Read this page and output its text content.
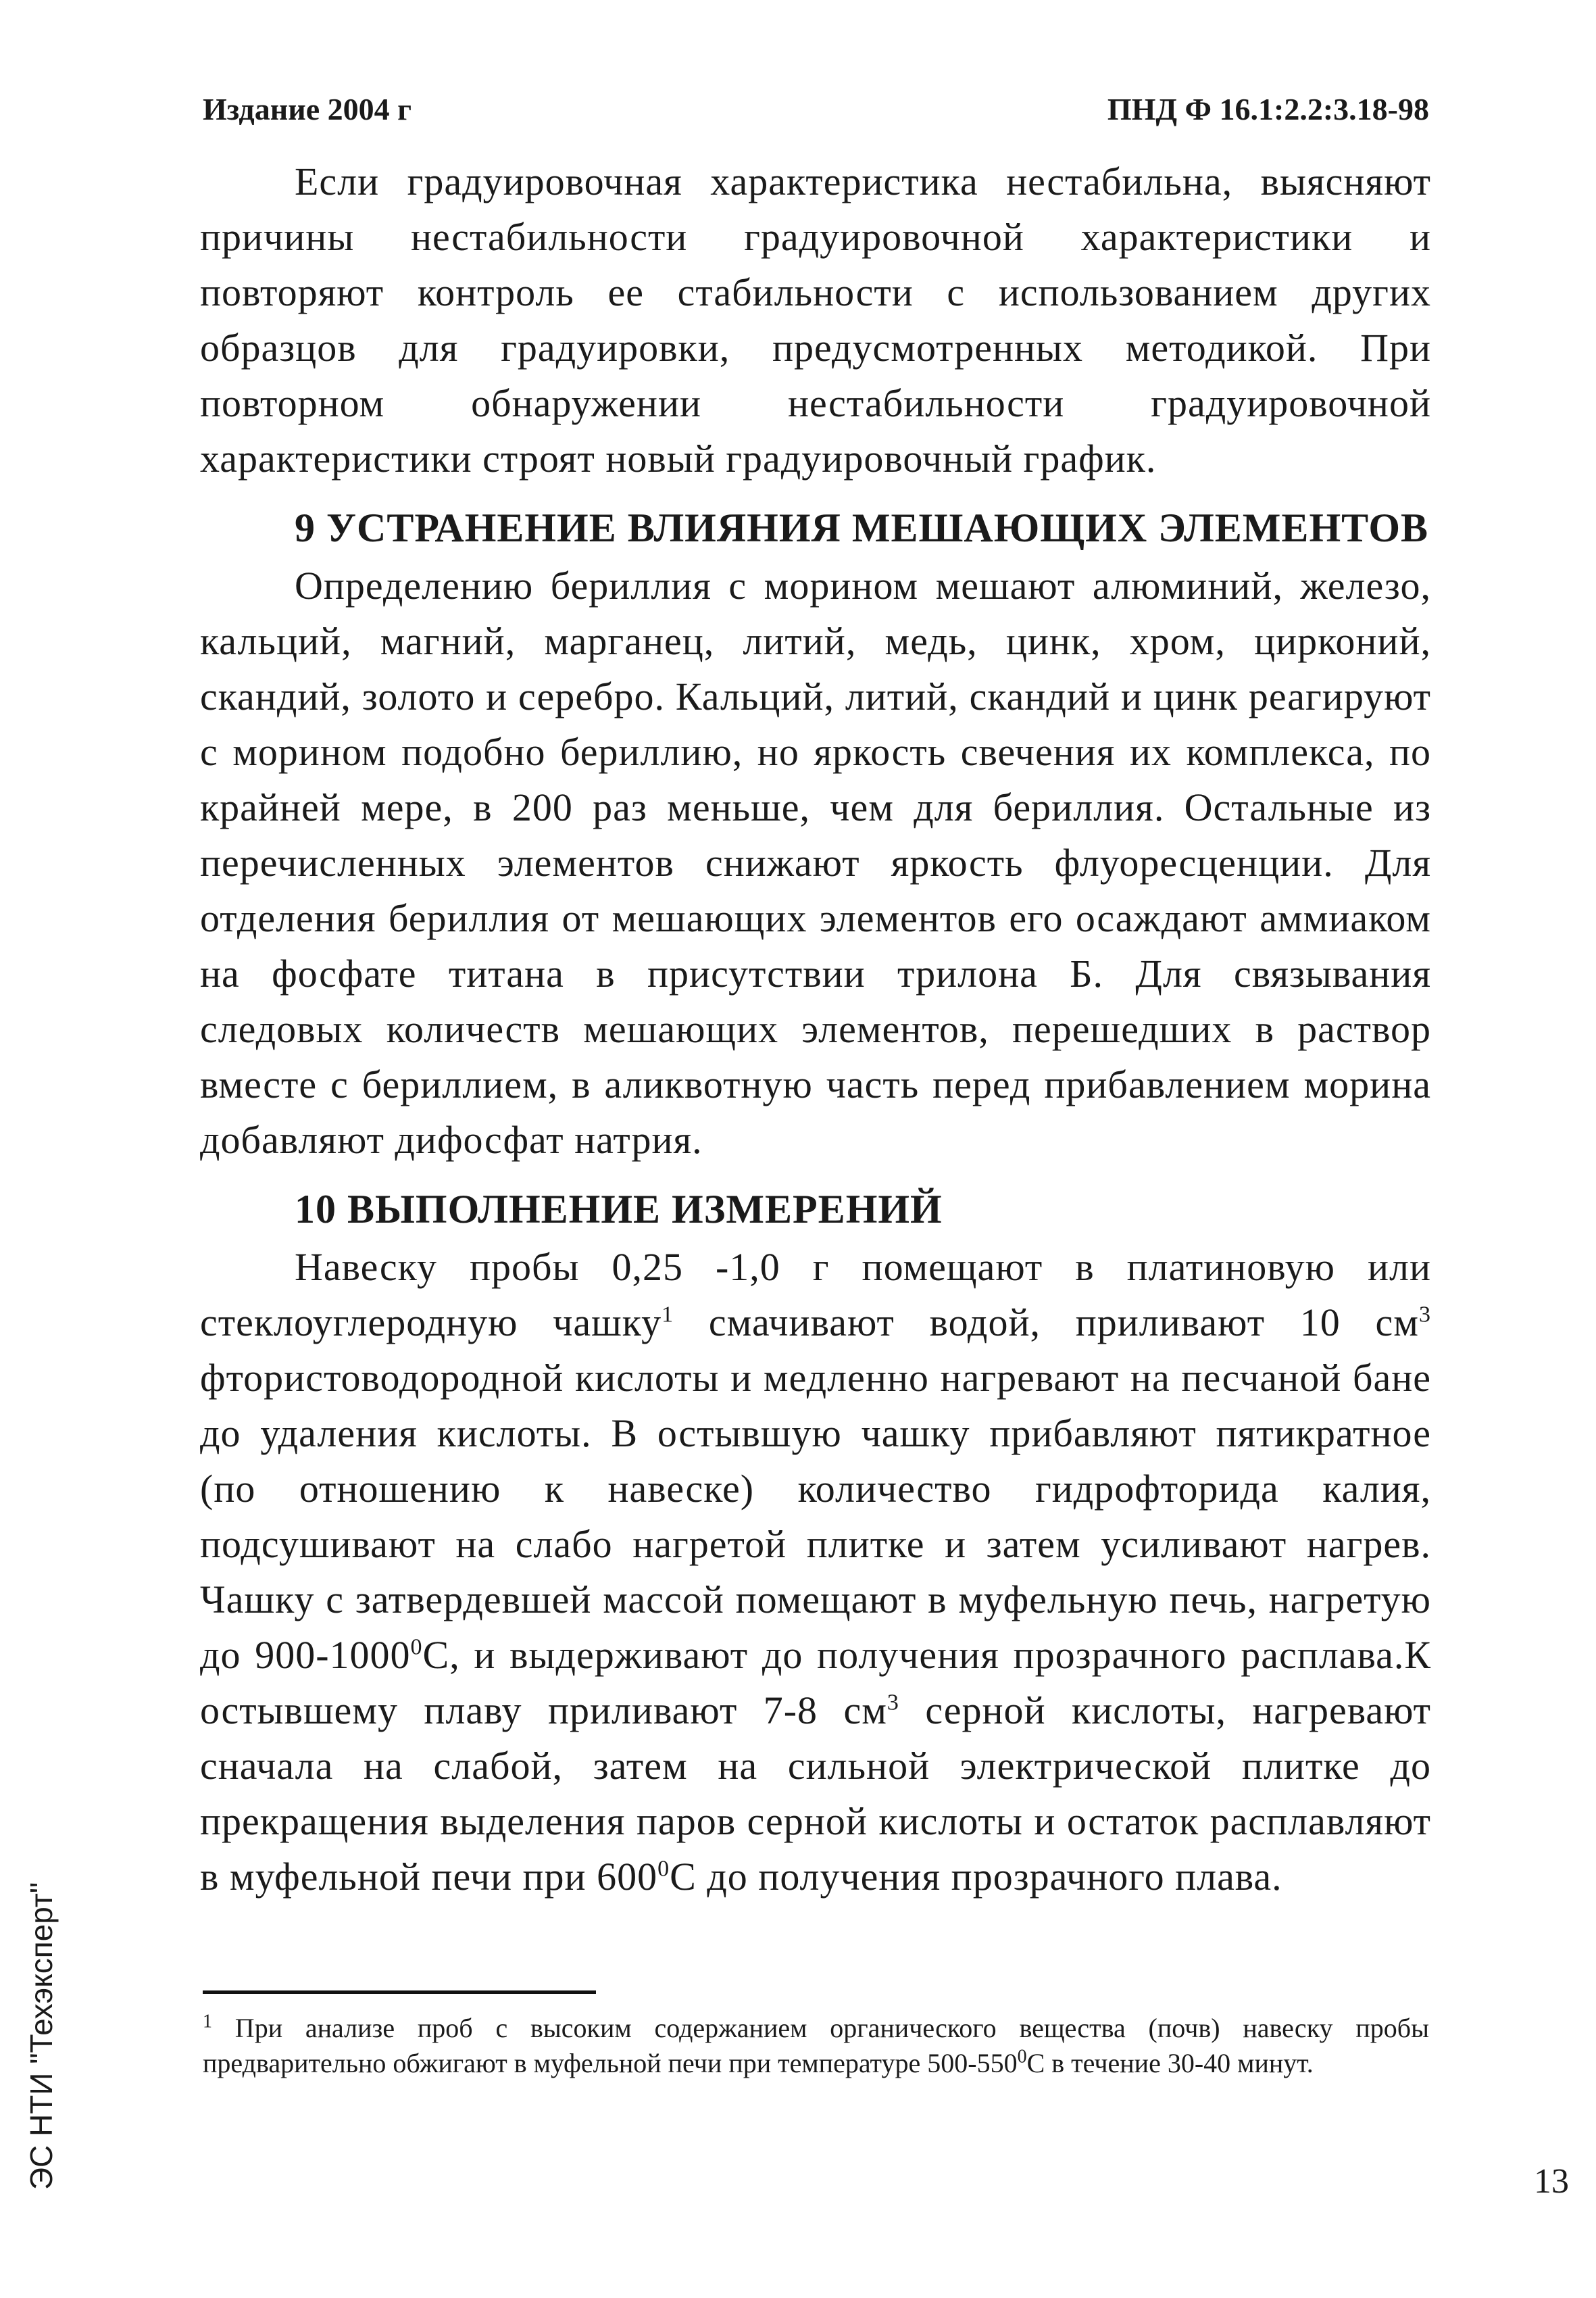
Издание 2004 г	ПНД Ф 16.1:2.2:3.18-98

Если градуировочная характеристика нестабильна, выясняют причины нестабильности градуировочной характеристики и повторяют контроль ее стабильности с использованием других образцов для градуировки, предусмотренных методикой. При повторном обнаружении нестабильности градуировочной характеристики строят новый градуировочный график.

9 УСТРАНЕНИЕ ВЛИЯНИЯ МЕШАЮЩИХ ЭЛЕМЕНТОВ

Определению бериллия с морином мешают алюминий, железо, кальций, магний, марганец, литий, медь, цинк, хром, цирконий, скандий, золото и серебро. Кальций, литий, скандий и цинк реагируют с морином подобно бериллию, но яркость свечения их комплекса, по крайней мере, в 200 раз меньше, чем для бериллия. Остальные из перечисленных элементов снижают яркость флуоресценции. Для отделения бериллия от мешающих элементов его осаждают аммиаком на фосфате титана в присутствии трилона Б. Для связывания следовых количеств мешающих элементов, перешедших в раствор вместе с бериллием, в аликвотную часть перед прибавлением морина добавляют дифосфат натрия.

10 ВЫПОЛНЕНИЕ ИЗМЕРЕНИЙ

Навеску пробы 0,25 -1,0 г помещают в платиновую или стеклоуглеродную чашку$^1$ смачивают водой, приливают 10 $см^3$ фтористоводородной кислоты и медленно нагревают на песчаной бане до удаления кислоты. В остывшую чашку прибавляют пятикратное (по отношению к навеске) количество гидрофторида калия, подсушивают на слабо нагретой плитке и затем усиливают нагрев. Чашку с затвердевшей массой помещают в муфельную печь, нагретую до 900-1000$^0$С, и выдерживают до получения прозрачного расплава.К остывшему плаву приливают 7-8 $см^3$ серной кислоты, нагревают сначала на слабой, затем на сильной электрической плитке до прекращения выделения паров серной кислоты и остаток расплавляют в муфельной печи при $600^0С$ до получения прозрачного плава.

$^1$ При анализе проб с высоким содержанием органического вещества (почв) навеску пробы предварительно обжигают в муфельной печи при температуре $500-550^0С$ в течение 30-40 минут.

ЭС НТИ "Техэксперт"	13
